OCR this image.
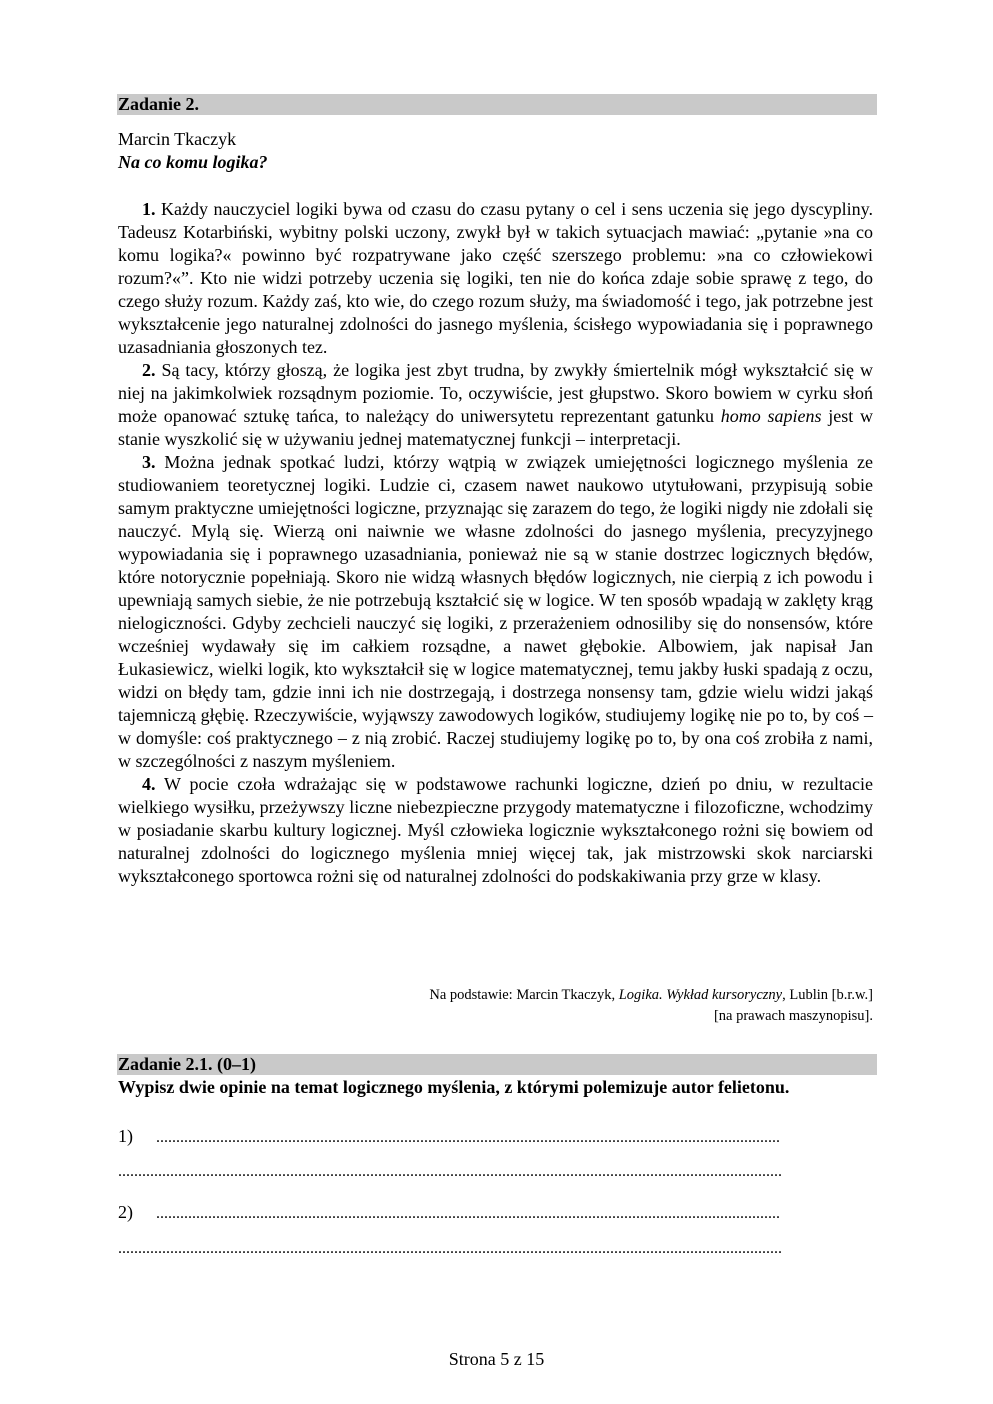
Zadanie 2.
Marcin Tkaczyk
Na co komu logika?

1. Każdy nauczyciel logiki bywa od czasu do czasu pytany o cel i sens uczenia się jego dyscypliny. Tadeusz Kotarbiński, wybitny polski uczony, zwykł był w takich sytuacjach mawiać: „pytanie »na co komu logika?« powinno być rozpatrywane jako część szerszego problemu: »na co człowiekowi rozum?«”. Kto nie widzi potrzeby uczenia się logiki, ten nie do końca zdaje sobie sprawę z tego, do czego służy rozum. Każdy zaś, kto wie, do czego rozum służy, ma świadomość i tego, jak potrzebne jest wykształcenie jego naturalnej zdolności do jasnego myślenia, ścisłego wypowiadania się i poprawnego uzasadniania głoszonych tez.

2. Są tacy, którzy głoszą, że logika jest zbyt trudna, by zwykły śmiertelnik mógł wykształcić się w niej na jakimkolwiek rozsądnym poziomie. To, oczywiście, jest głupstwo. Skoro bowiem w cyrku słoń może opanować sztukę tańca, to należący do uniwersytetu reprezentant gatunku homo sapiens jest w stanie wyszkolić się w używaniu jednej matematycznej funkcji – interpretacji.

3. Można jednak spotkać ludzi, którzy wątpią w związek umiejętności logicznego myślenia ze studiowaniem teoretycznej logiki. Ludzie ci, czasem nawet naukowo utytułowani, przypisują sobie samym praktyczne umiejętności logiczne, przyznając się zarazem do tego, że logiki nigdy nie zdołali się nauczyć. Mylą się. Wierzą oni naiwnie we własne zdolności do jasnego myślenia, precyzyjnego wypowiadania się i poprawnego uzasadniania, ponieważ nie są w stanie dostrzec logicznych błędów, które notorycznie popełniają. Skoro nie widzą własnych błędów logicznych, nie cierpią z ich powodu i upewniają samych siebie, że nie potrzebują kształcić się w logice. W ten sposób wpadają w zaklęty krąg nielogiczności. Gdyby zechcieli nauczyć się logiki, z przerażeniem odnosiliby się do nonsensów, które wcześniej wydawały się im całkiem rozsądne, a nawet głębokie. Albowiem, jak napisał Jan Łukasiewicz, wielki logik, kto wykształcił się w logice matematycznej, temu jakby łuski spadają z oczu, widzi on błędy tam, gdzie inni ich nie dostrzegają, i dostrzega nonsensy tam, gdzie wielu widzi jakąś tajemniczą głębię. Rzeczywiście, wyjąwszy zawodowych logików, studiujemy logikę nie po to, by coś – w domyśle: coś praktycznego – z nią zrobić. Raczej studiujemy logikę po to, by ona coś zrobiła z nami, w szczególności z naszym myśleniem.

4. W pocie czoła wdrażając się w podstawowe rachunki logiczne, dzień po dniu, w rezultacie wielkiego wysiłku, przeżywszy liczne niebezpieczne przygody matematyczne i filozoficzne, wchodzimy w posiadanie skarbu kultury logicznej. Myśl człowieka logicznie wykształconego rożni się bowiem od naturalnej zdolności do logicznego myślenia mniej więcej tak, jak mistrzowski skok narciarski wykształconego sportowca rożni się od naturalnej zdolności do podskakiwania przy grze w klasy.

Na podstawie: Marcin Tkaczyk, Logika. Wykład kursoryczny, Lublin [b.r.w.]
[na prawach maszynopisu].
Zadanie 2.1. (0–1)
Wypisz dwie opinie na temat logicznego myślenia, z którymi polemizuje autor felietonu.
1) ............................................................................................................................................................
......................................................................................................................................................................
2) ............................................................................................................................................................
......................................................................................................................................................................
Strona 5 z 15
